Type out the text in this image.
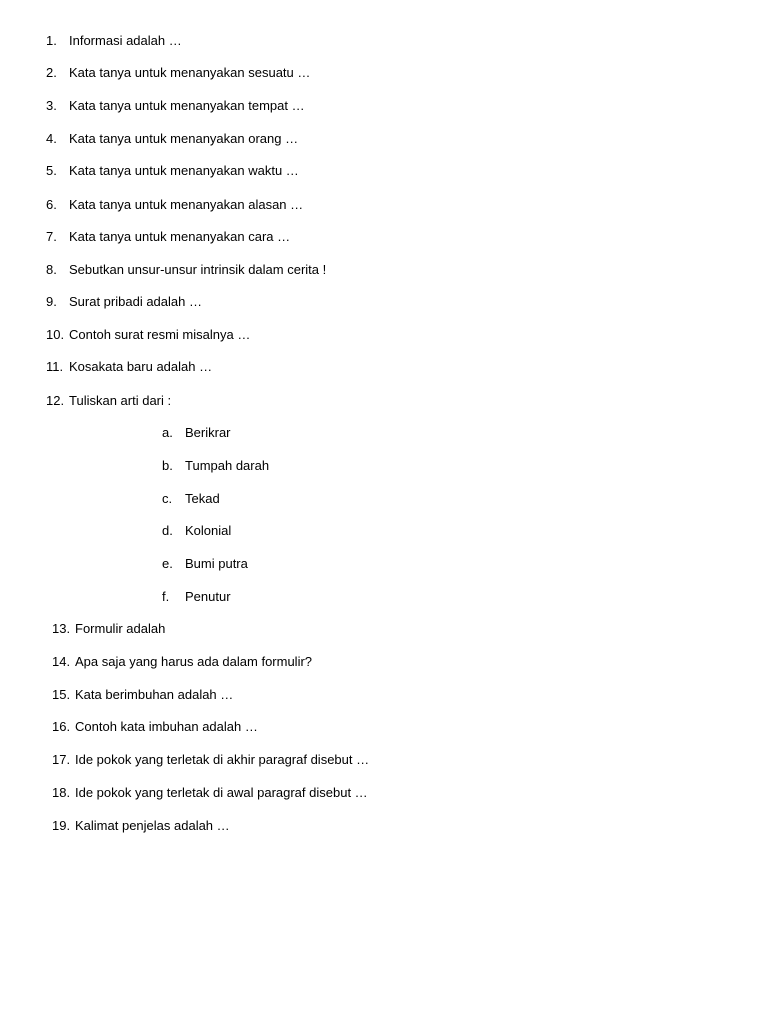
1. Informasi adalah …
2. Kata tanya untuk menanyakan sesuatu …
3. Kata tanya untuk menanyakan tempat …
4. Kata tanya untuk menanyakan orang …
5. Kata tanya untuk menanyakan waktu …
6. Kata tanya untuk menanyakan alasan …
7. Kata tanya untuk menanyakan cara …
8. Sebutkan unsur-unsur intrinsik dalam cerita !
9. Surat pribadi adalah …
10. Contoh surat resmi misalnya …
11. Kosakata baru adalah …
12. Tuliskan arti dari :
a. Berikrar
b. Tumpah darah
c. Tekad
d. Kolonial
e. Bumi putra
f. Penutur
13. Formulir adalah
14. Apa saja yang harus ada dalam formulir?
15. Kata berimbuhan adalah …
16. Contoh kata imbuhan adalah …
17. Ide pokok yang terletak di akhir paragraf disebut …
18. Ide pokok yang terletak di awal paragraf disebut …
19. Kalimat penjelas adalah …
